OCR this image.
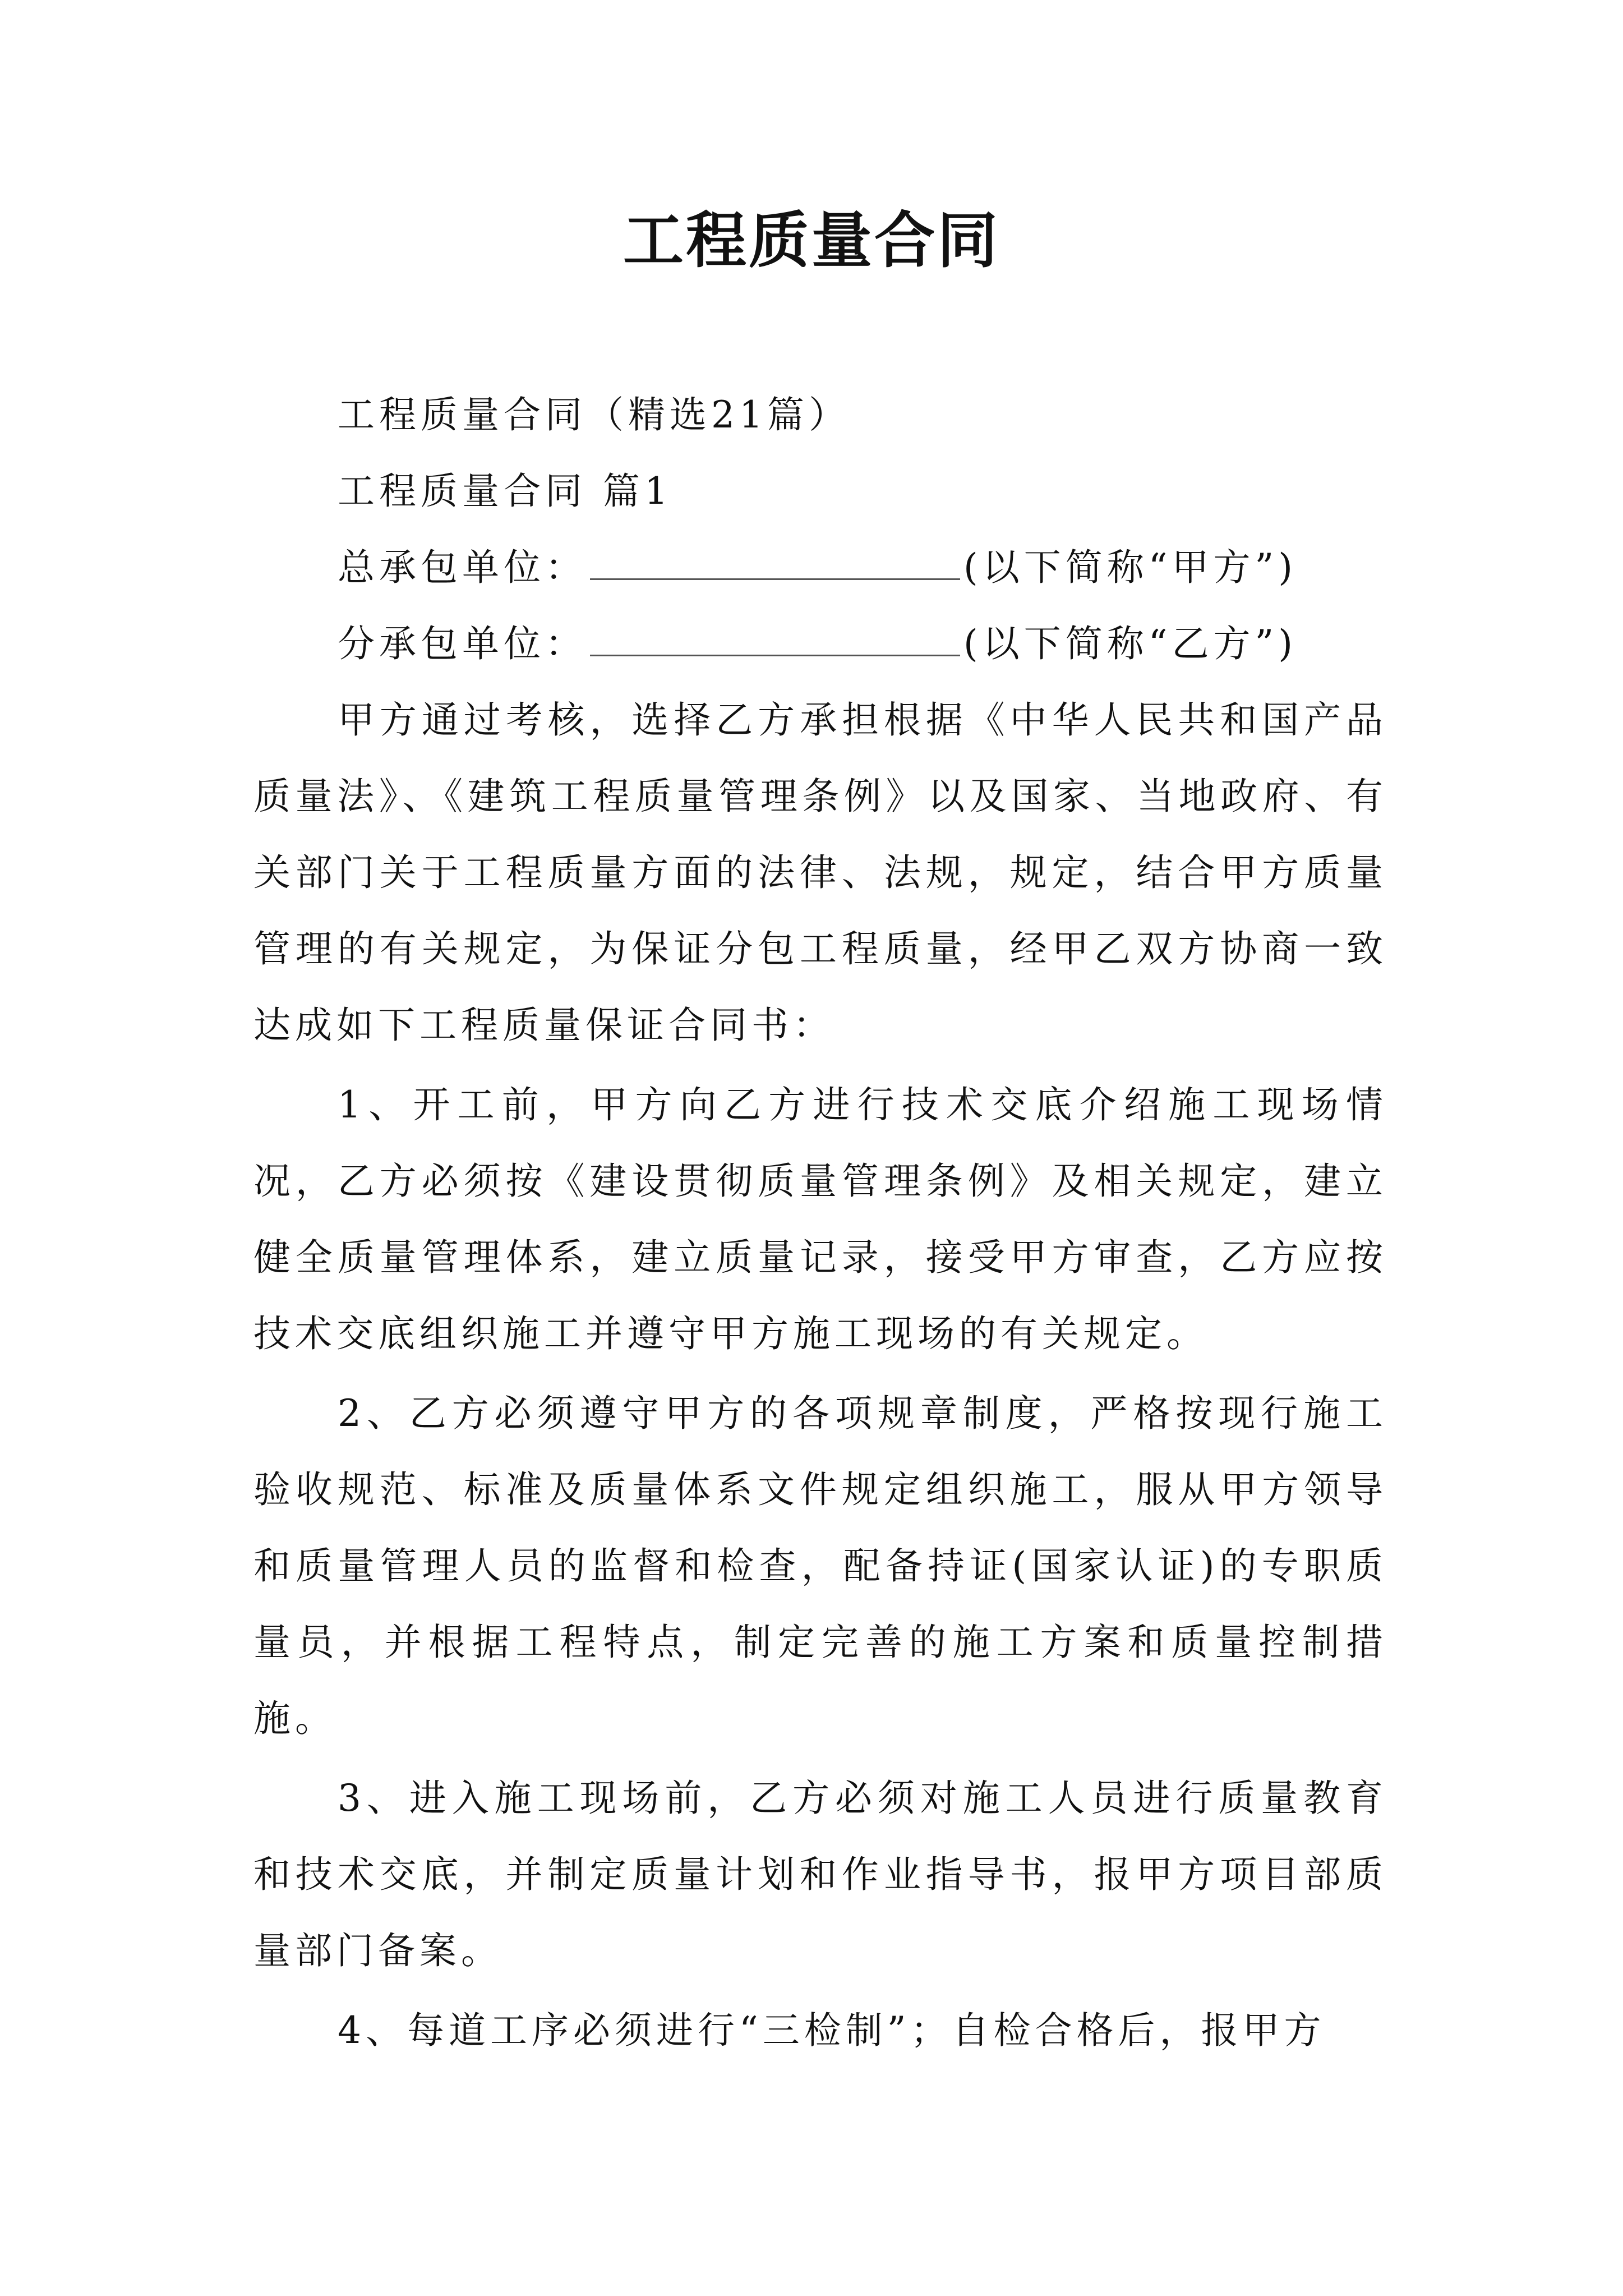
工程质量合同
工程质量合同（精选21篇）
工程质量合同 篇1
总承包单位：	(以下简称“甲方”)
分承包单位：	(以下简称“乙方”)
甲方通过考核，选择乙方承担根据《中华人民共和国产品质量法》、《建筑工程质量管理条例》以及国家、当地政府、有关部门关于工程质量方面的法律、法规，规定，结合甲方质量管理的有关规定，为保证分包工程质量，经甲乙双方协商一致达成如下工程质量保证合同书：
1、开工前，甲方向乙方进行技术交底介绍施工现场情况，乙方必须按《建设贯彻质量管理条例》及相关规定，建立健全质量管理体系，建立质量记录，接受甲方审查，乙方应按技术交底组织施工并遵守甲方施工现场的有关规定。
2、乙方必须遵守甲方的各项规章制度，严格按现行施工验收规范、标准及质量体系文件规定组织施工，服从甲方领导和质量管理人员的监督和检查，配备持证(国家认证)的专职质量员，并根据工程特点，制定完善的施工方案和质量控制措施。
3、进入施工现场前，乙方必须对施工人员进行质量教育和技术交底，并制定质量计划和作业指导书，报甲方项目部质量部门备案。
4、每道工序必须进行“三检制”；自检合格后，报甲方
